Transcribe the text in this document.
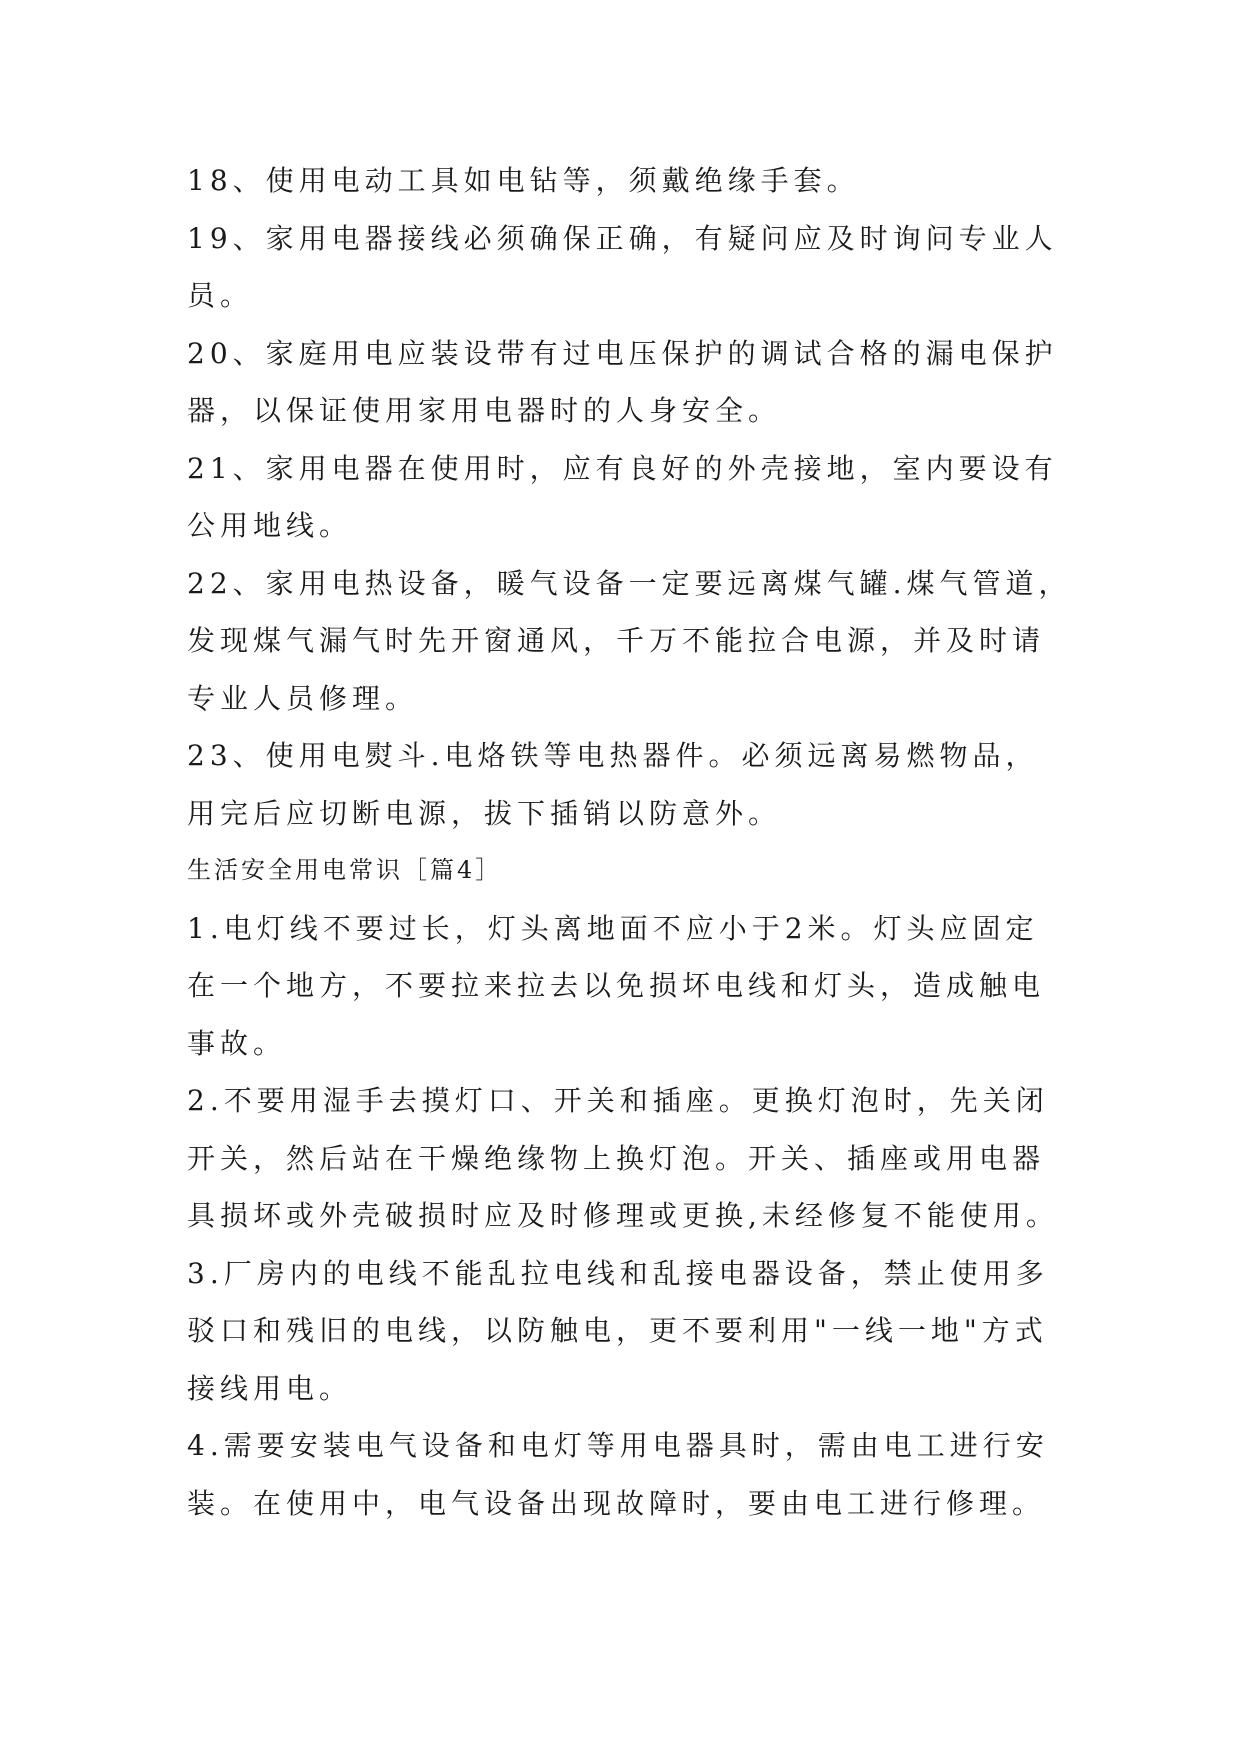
18、使用电动工具如电钻等，须戴绝缘手套。

19、家用电器接线必须确保正确，有疑问应及时询问专业人

员。

20、家庭用电应装设带有过电压保护的调试合格的漏电保护

器，以保证使用家用电器时的人身安全。

21、家用电器在使用时，应有良好的外壳接地，室内要设有

公用地线。

22、家用电热设备，暖气设备一定要远离煤气罐.煤气管道，

发现煤气漏气时先开窗通风，千万不能拉合电源，并及时请

专业人员修理。

23、使用电熨斗.电烙铁等电热器件。必须远离易燃物品，

用完后应切断电源，拔下插销以防意外。

生活安全用电常识［篇4］

1.电灯线不要过长，灯头离地面不应小于2米。灯头应固定

在一个地方，不要拉来拉去以免损坏电线和灯头，造成触电

事故。

2.不要用湿手去摸灯口、开关和插座。更换灯泡时，先关闭

开关，然后站在干燥绝缘物上换灯泡。开关、插座或用电器

具损坏或外壳破损时应及时修理或更换,未经修复不能使用。

3.厂房内的电线不能乱拉电线和乱接电器设备，禁止使用多

驳口和残旧的电线，以防触电，更不要利用"一线一地"方式

接线用电。

4.需要安装电气设备和电灯等用电器具时，需由电工进行安

装。在使用中，电气设备出现故障时，要由电工进行修理。
